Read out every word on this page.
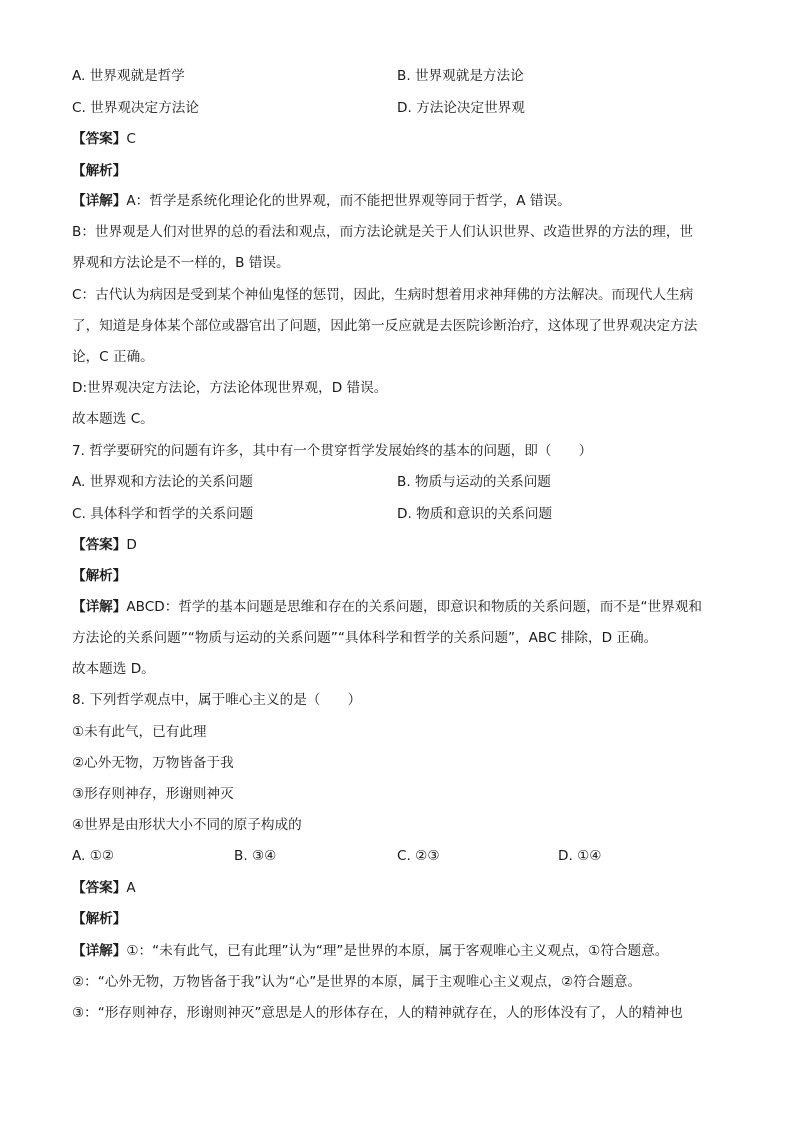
A. 世界观就是哲学	B. 世界观就是方法论
C. 世界观决定方法论	D. 方法论决定世界观
【答案】C
【解析】
【详解】A：哲学是系统化理论化的世界观，而不能把世界观等同于哲学，A 错误。
B：世界观是人们对世界的总的看法和观点，而方法论就是关于人们认识世界、改造世界的方法的理，世
界观和方法论是不一样的，B 错误。
C：古代认为病因是受到某个神仙鬼怪的惩罚，因此，生病时想着用求神拜佛的方法解决。而现代人生病
了，知道是身体某个部位或器官出了问题，因此第一反应就是去医院诊断治疗，这体现了世界观决定方法
论，C 正确。
D:世界观决定方法论，方法论体现世界观，D 错误。
故本题选 C。
7. 哲学要研究的问题有许多，其中有一个贯穿哲学发展始终的基本的问题，即（　　）
A. 世界观和方法论的关系问题	B. 物质与运动的关系问题
C. 具体科学和哲学的关系问题	D. 物质和意识的关系问题
【答案】D
【解析】
【详解】ABCD：哲学的基本问题是思维和存在的关系问题，即意识和物质的关系问题，而不是“世界观和
方法论的关系问题”“物质与运动的关系问题”“具体科学和哲学的关系问题”，ABC 排除，D 正确。
故本题选 D。
8. 下列哲学观点中，属于唯心主义的是（　　）
①未有此气，已有此理
②心外无物，万物皆备于我
③形存则神存，形谢则神灭
④世界是由形状大小不同的原子构成的
A. ①②	B. ③④	C. ②③	D. ①④
【答案】A
【解析】
【详解】①：“未有此气，已有此理”认为“理”是世界的本原，属于客观唯心主义观点，①符合题意。
②：“心外无物，万物皆备于我”认为“心”是世界的本原，属于主观唯心主义观点，②符合题意。
③：“形存则神存，形谢则神灭”意思是人的形体存在，人的精神就存在，人的形体没有了，人的精神也
